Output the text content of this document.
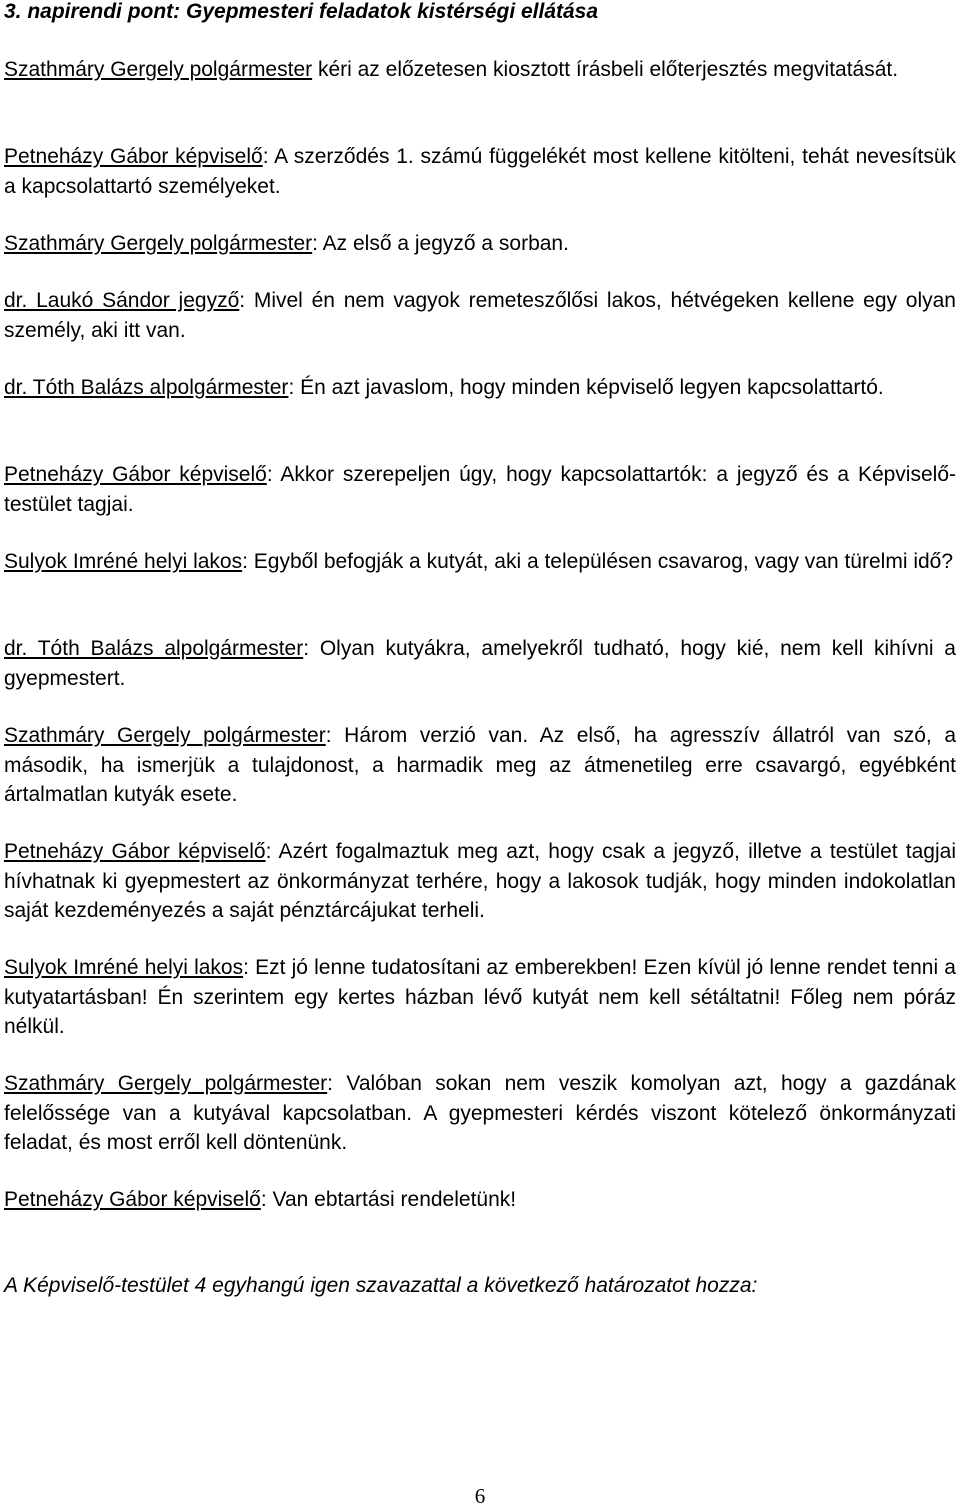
3. napirendi pont: Gyepmesteri feladatok kistérségi ellátása

Szathmáry Gergely polgármester kéri az előzetesen kiosztott írásbeli előterjesztés megvitatását.

Petneházy Gábor képviselő: A szerződés 1. számú függelékét most kellene kitölteni, tehát nevesítsük a kapcsolattartó személyeket.

Szathmáry Gergely polgármester: Az első a jegyző a sorban.

dr. Laukó Sándor jegyző: Mivel én nem vagyok remeteszőlősi lakos, hétvégeken kellene egy olyan személy, aki itt van.

dr. Tóth Balázs alpolgármester: Én azt javaslom, hogy minden képviselő legyen kapcsolattartó.

Petneházy Gábor képviselő: Akkor szerepeljen úgy, hogy kapcsolattartók: a jegyző és a Képviselő-testület tagjai.

Sulyok Imréné helyi lakos: Egyből befogják a kutyát, aki a településen csavarog, vagy van türelmi idő?

dr. Tóth Balázs alpolgármester: Olyan kutyákra, amelyekről tudható, hogy kié, nem kell kihívni a gyepmestert.

Szathmáry Gergely polgármester: Három verzió van. Az első, ha agresszív állatról van szó, a második, ha ismerjük a tulajdonost, a harmadik meg az átmenetileg erre csavargó, egyébként ártalmatlan kutyák esete.

Petneházy Gábor képviselő: Azért fogalmaztuk meg azt, hogy csak a jegyző, illetve a testület tagjai hívhatnak ki gyepmestert az önkormányzat terhére, hogy a lakosok tudják, hogy minden indokolatlan saját kezdeményezés a saját pénztárcájukat terheli.

Sulyok Imréné helyi lakos: Ezt jó lenne tudatosítani az emberekben! Ezen kívül jó lenne rendet tenni a kutyatartásban! Én szerintem egy kertes házban lévő kutyát nem kell sétáltatni! Főleg nem póráz nélkül.

Szathmáry Gergely polgármester: Valóban sokan nem veszik komolyan azt, hogy a gazdának felelőssége van a kutyával kapcsolatban. A gyepmesteri kérdés viszont kötelező önkormányzati feladat, és most erről kell döntenünk.

Petneházy Gábor képviselő: Van ebtartási rendeletünk!

A Képviselő-testület 4 egyhangú igen szavazattal a következő határozatot hozza:
6
